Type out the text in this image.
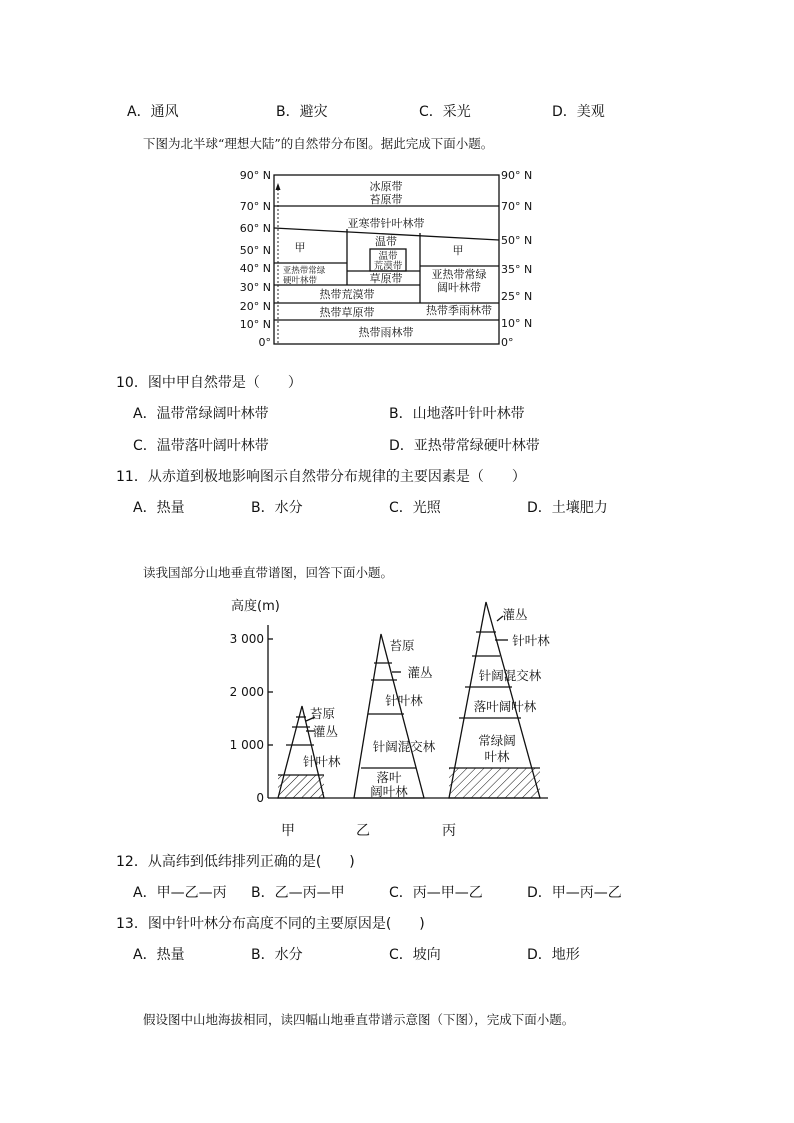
A．通风	B．避灾	C．采光	D．美观
下图为北半球“理想大陆”的自然带分布图。据此完成下面小题。
90° N
70° N
60° N
50° N
40° N
30° N
20° N
10° N
0°
90° N
70° N
50° N
35° N
25° N
10° N
0°
冰原带
苔原带
亚寒带针叶林带
甲	温带
温带
荒漠带
草原带
甲
亚热带常绿
硬叶林带	亚热带常绿
阔叶林带
热带荒漠带
热带草原带	热带季雨林带
热带雨林带
10．图中甲自然带是（　　）
A．温带常绿阔叶林带	B．山地落叶针叶林带
C．温带落叶阔叶林带	D．亚热带常绿硬叶林带
11．从赤道到极地影响图示自然带分布规律的主要因素是（　　）
A．热量	B．水分	C．光照	D．土壤肥力
读我国部分山地垂直带谱图，回答下面小题。
高度(m)
3 000
2 000
1 000
0
苔原
灌丛
针叶林
苔原
灌丛
针叶林
针阔混交林
落叶
阔叶林
灌丛
针叶林
针阔混交林
落叶阔叶林
常绿阔
叶林
甲	乙	丙
12．从高纬到低纬排列正确的是(　　)
A．甲—乙—丙 B．乙—丙—甲	C．丙—甲—乙	D．甲—丙—乙
13．图中针叶林分布高度不同的主要原因是(　　)
A．热量	B．水分	C．坡向	D．地形
假设图中山地海拔相同，读四幅山地垂直带谱示意图（下图），完成下面小题。
